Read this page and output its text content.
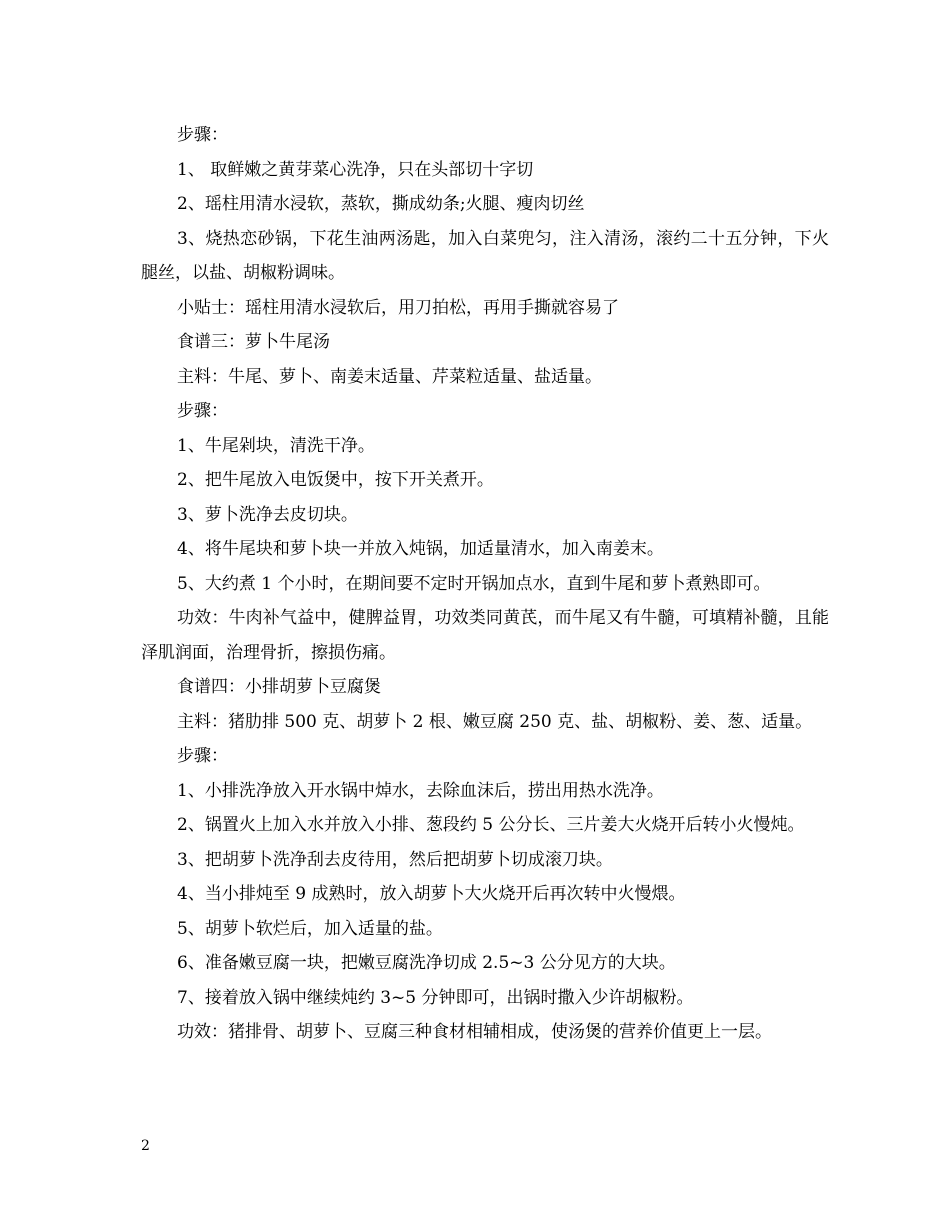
步骤：

1、 取鲜嫩之黄芽菜心洗净，只在头部切十字切

2、瑶柱用清水浸软，蒸软，撕成幼条;火腿、瘦肉切丝

3、烧热恋砂锅，下花生油两汤匙，加入白菜兜匀，注入清汤，滚约二十五分钟，下火腿丝，以盐、胡椒粉调味。

小贴士：瑶柱用清水浸软后，用刀拍松，再用手撕就容易了

食谱三：萝卜牛尾汤

主料：牛尾、萝卜、南姜末适量、芹菜粒适量、盐适量。

步骤：

1、牛尾剁块，清洗干净。

2、把牛尾放入电饭煲中，按下开关煮开。

3、萝卜洗净去皮切块。

4、将牛尾块和萝卜块一并放入炖锅，加适量清水，加入南姜末。

5、大约煮 1 个小时，在期间要不定时开锅加点水，直到牛尾和萝卜煮熟即可。

功效：牛肉补气益中，健脾益胃，功效类同黄芪，而牛尾又有牛髓，可填精补髓，且能泽肌润面，治理骨折，擦损伤痛。

食谱四：小排胡萝卜豆腐煲

主料：猪肋排 500 克、胡萝卜 2 根、嫩豆腐 250 克、盐、胡椒粉、姜、葱、适量。

步骤：

1、小排洗净放入开水锅中焯水，去除血沫后，捞出用热水洗净。

2、锅置火上加入水并放入小排、葱段约 5 公分长、三片姜大火烧开后转小火慢炖。

3、把胡萝卜洗净刮去皮待用，然后把胡萝卜切成滚刀块。

4、当小排炖至 9 成熟时，放入胡萝卜大火烧开后再次转中火慢煨。

5、胡萝卜软烂后，加入适量的盐。

6、准备嫩豆腐一块，把嫩豆腐洗净切成 2.5~3 公分见方的大块。

7、接着放入锅中继续炖约 3~5 分钟即可，出锅时撒入少许胡椒粉。

功效：猪排骨、胡萝卜、豆腐三种食材相辅相成，使汤煲的营养价值更上一层。

2
